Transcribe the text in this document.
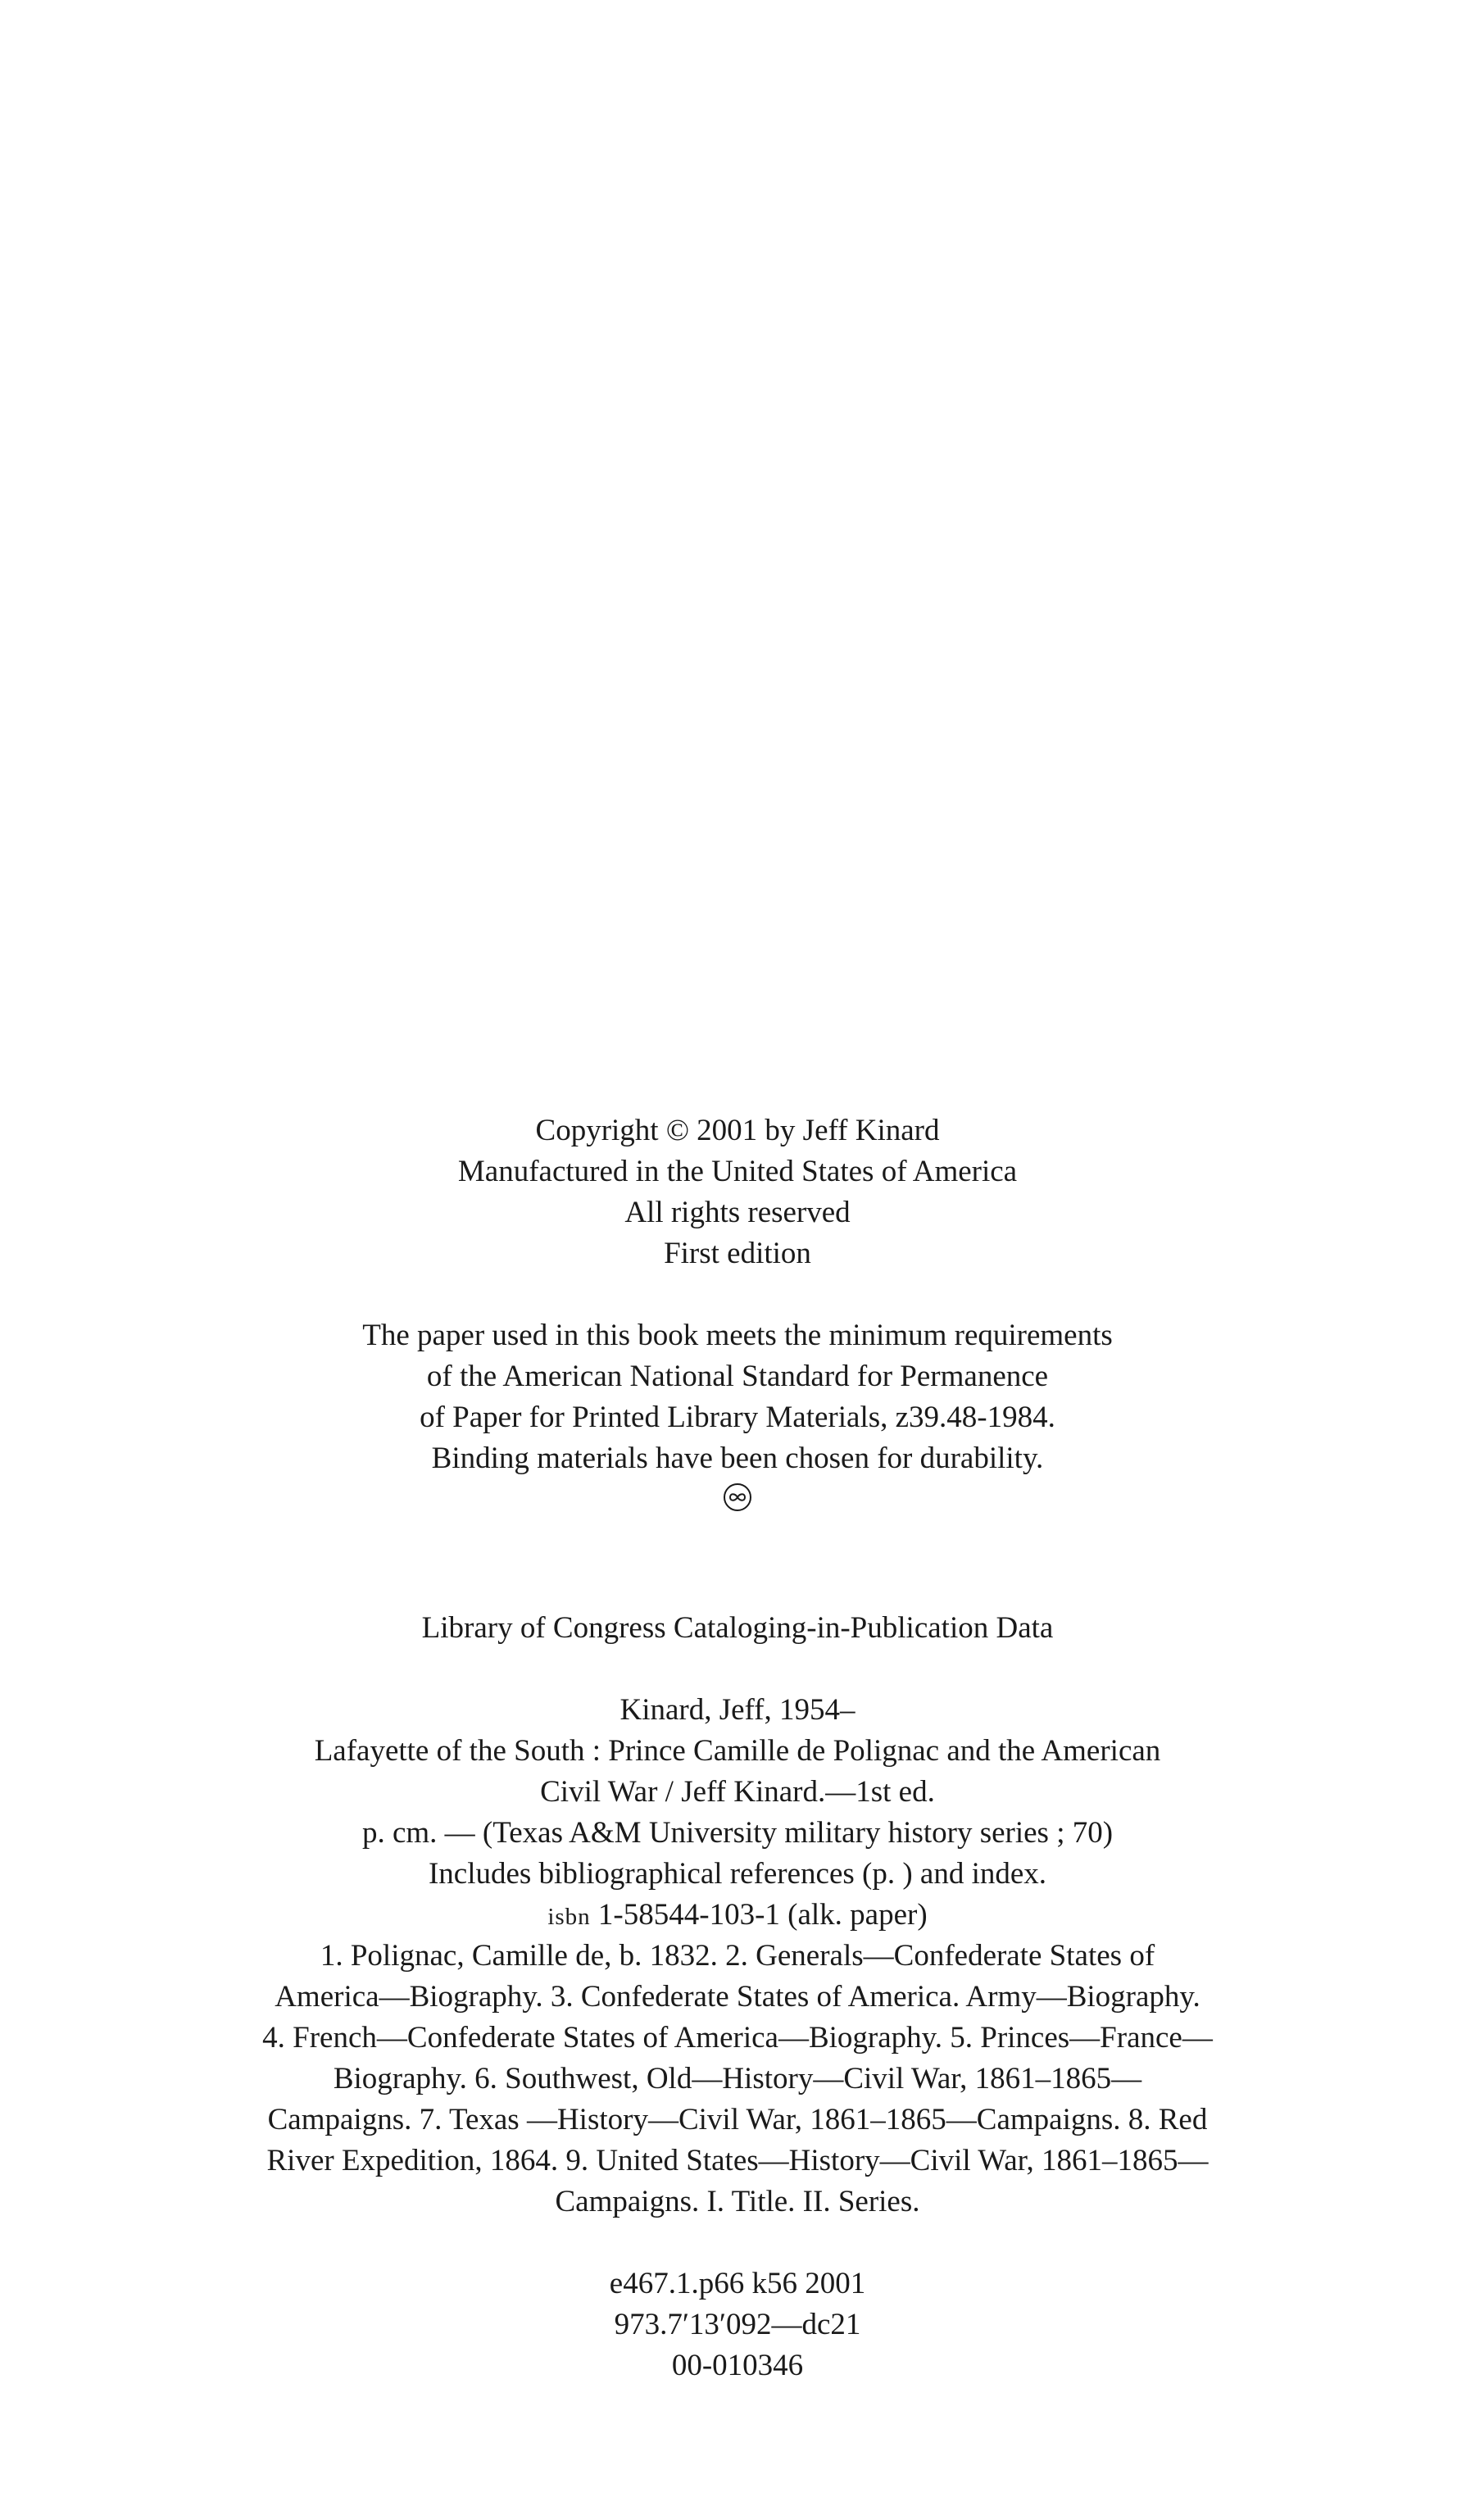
Copyright © 2001 by Jeff Kinard
Manufactured in the United States of America
All rights reserved
First edition
The paper used in this book meets the minimum requirements
of the American National Standard for Permanence
of Paper for Printed Library Materials, z39.48-1984.
Binding materials have been chosen for durability.
Library of Congress Cataloging-in-Publication Data
Kinard, Jeff, 1954–
Lafayette of the South : Prince Camille de Polignac and the American
Civil War / Jeff Kinard.—1st ed.
p. cm. — (Texas A&M University military history series ; 70)
Includes bibliographical references (p. ) and index.
isbn 1-58544-103-1 (alk. paper)
1. Polignac, Camille de, b. 1832. 2. Generals—Confederate States of
America—Biography. 3. Confederate States of America. Army—Biography.
4. French—Confederate States of America—Biography. 5. Princes—France—
Biography. 6. Southwest, Old—History—Civil War, 1861–1865—
Campaigns. 7. Texas —History—Civil War, 1861–1865—Campaigns. 8. Red
River Expedition, 1864. 9. United States—History—Civil War, 1861–1865—
Campaigns. I. Title. II. Series.
e467.1.p66 k56 2001
973.7′13′092—dc21
00-010346
